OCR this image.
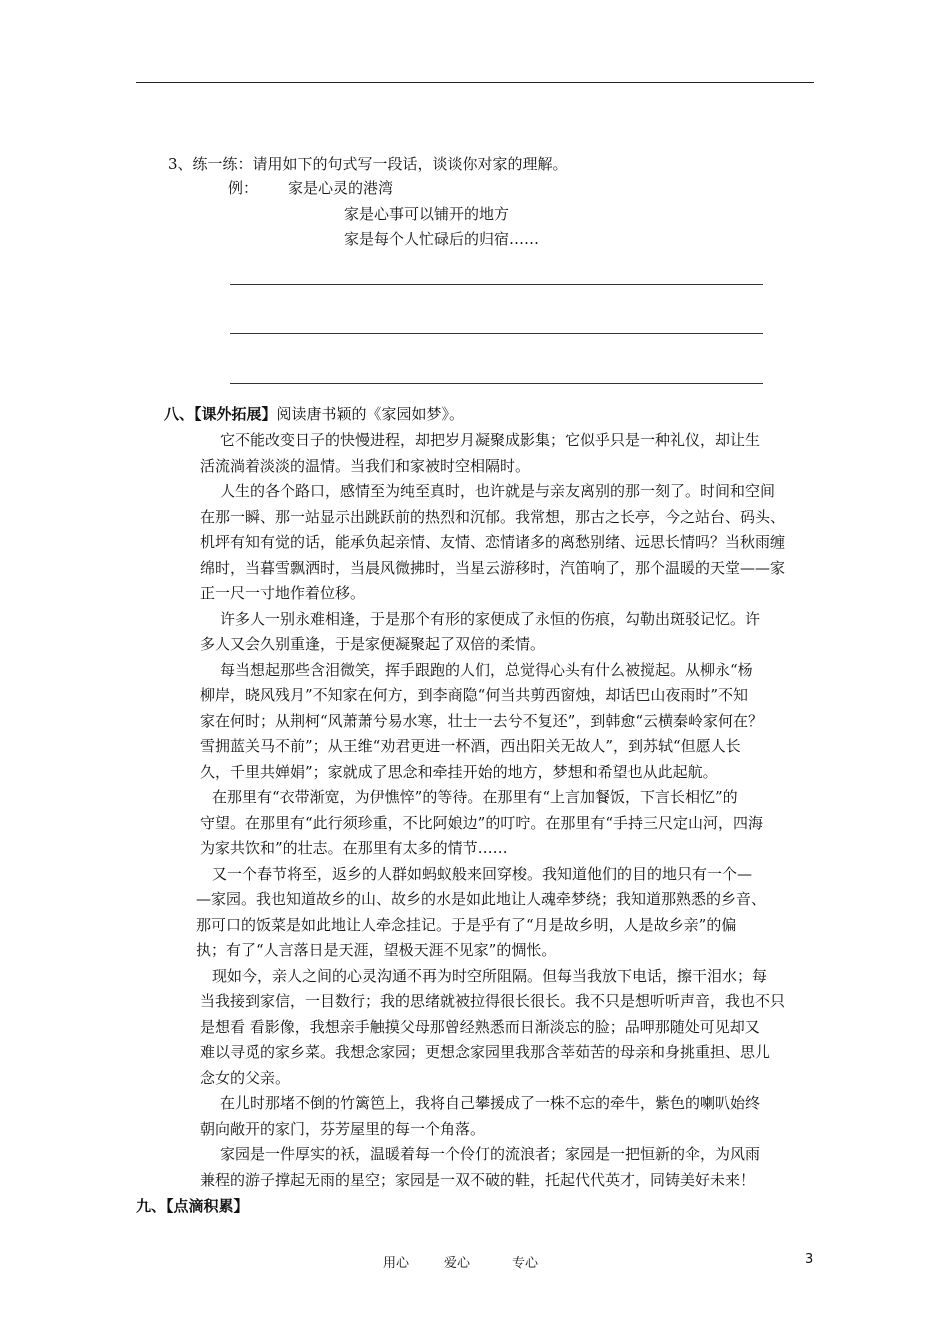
3、练一练：请用如下的句式写一段话，谈谈你对家的理解。
例： 家是心灵的港湾
家是心事可以铺开的地方
家是每个人忙碌后的归宿……
八、【课外拓展】阅读唐书颖的《家园如梦》。
它不能改变日子的快慢进程，却把岁月凝聚成影集；它似乎只是一种礼仪，却让生
活流淌着淡淡的温情。当我们和家被时空相隔时。
人生的各个路口，感情至为纯至真时，也许就是与亲友离别的那一刻了。时间和空间
在那一瞬、那一站显示出跳跃前的热烈和沉郁。我常想，那古之长亭，今之站台、码头、
机坪有知有觉的话，能承负起亲情、友情、恋情诸多的离愁别绪、远思长情吗？当秋雨缠
绵时，当暮雪飘洒时，当晨风微拂时，当星云游移时，汽笛响了，那个温暖的天堂——家
正一尺一寸地作着位移。
许多人一别永难相逢，于是那个有形的家便成了永恒的伤痕，勾勒出斑驳记忆。许
多人又会久别重逢，于是家便凝聚起了双倍的柔情。
每当想起那些含泪微笑，挥手跟跑的人们，总觉得心头有什么被搅起。从柳永“杨
柳岸，晓风残月”不知家在何方，到李商隐“何当共剪西窗烛，却话巴山夜雨时”不知
家在何时；从荆柯“风萧萧兮易水寒，壮士一去兮不复还”，到韩愈“云横秦岭家何在？
雪拥蓝关马不前”；从王维“劝君更进一杯酒，西出阳关无故人”，到苏轼“但愿人长
久，千里共婵娟”；家就成了思念和牵挂开始的地方，梦想和希望也从此起航。
在那里有“衣带渐宽，为伊憔悴”的等待。在那里有“上言加餐饭，下言长相忆”的
守望。在那里有“此行须珍重，不比阿娘边”的叮咛。在那里有“手持三尺定山河，四海
为家共饮和”的壮志。在那里有太多的情节……
又一个春节将至，返乡的人群如蚂蚁般来回穿梭。我知道他们的目的地只有一个—
—家园。我也知道故乡的山、故乡的水是如此地让人魂牵梦绕；我知道那熟悉的乡音、
那可口的饭菜是如此地让人牵念挂记。于是乎有了“月是故乡明，人是故乡亲”的偏
执；有了“人言落日是天涯，望极天涯不见家”的惆怅。
现如今，亲人之间的心灵沟通不再为时空所阻隔。但每当我放下电话，擦干泪水；每
当我接到家信，一目数行；我的思绪就被拉得很长很长。我不只是想听听声音，我也不只
是想看 看影像，我想亲手触摸父母那曾经熟悉而日渐淡忘的脸；品呷那随处可见却又
难以寻觅的家乡菜。我想念家园；更想念家园里我那含莘茹苦的母亲和身挑重担、思儿
念女的父亲。
在儿时那堵不倒的竹篱笆上，我将自己攀援成了一株不忘的牵牛，紫色的喇叭始终
朝向敞开的家门，芬芳屋里的每一个角落。
家园是一件厚实的袄，温暖着每一个伶仃的流浪者；家园是一把恒新的伞，为风雨
兼程的游子撑起无雨的星空；家园是一双不破的鞋，托起代代英才，同铸美好未来！
九、【点滴积累】
用心	爱心	专心	3
